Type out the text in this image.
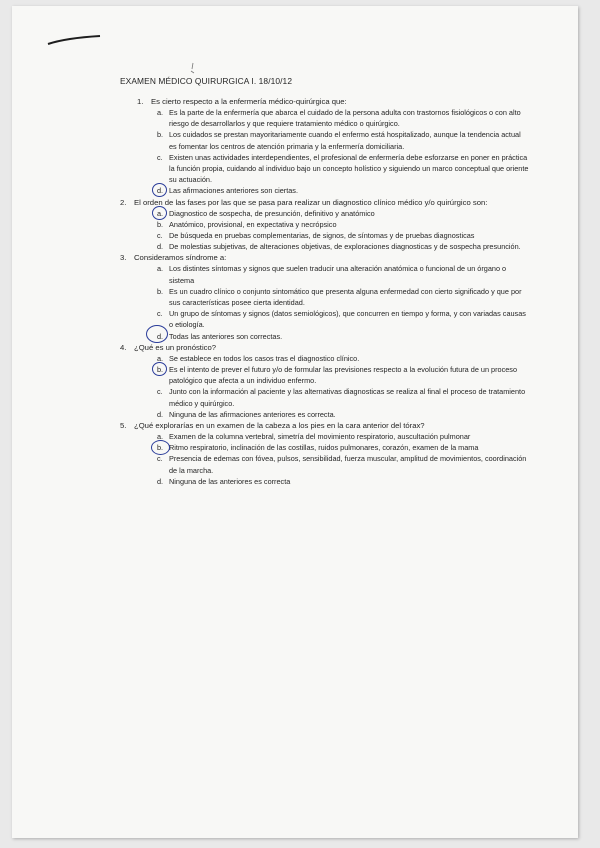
EXAMEN MÉDICO QUIRURGICA I. 18/10/12
1. Es cierto respecto a la enfermería médico-quirúrgica que:
a. Es la parte de la enfermería que abarca el cuidado de la persona adulta con trastornos fisiológicos o con alto riesgo de desarrollarlos y que requiere tratamiento médico o quirúrgico.
b. Los cuidados se prestan mayoritariamente cuando el enfermo está hospitalizado, aunque la tendencia actual es fomentar los centros de atención primaria y la enfermería domiciliaria.
c. Existen unas actividades interdependientes, el profesional de enfermería debe esforzarse en poner en práctica la función propia, cuidando al individuo bajo un concepto holístico y siguiendo un marco conceptual que oriente su actuación.
d. Las afirmaciones anteriores son ciertas.
2. El orden de las fases por las que se pasa para realizar un diagnostico clínico médico y/o quirúrgico son:
a. Diagnostico de sospecha, de presunción, definitivo y anatómico
b. Anatómico, provisional, en expectativa y necrópsico
c. De búsqueda en pruebas complementarias, de signos, de síntomas y de pruebas diagnosticas
d. De molestias subjetivas, de alteraciones objetivas, de exploraciones diagnosticas y de sospecha presunción.
3. Consideramos síndrome a:
a. Los distintes síntomas y signos que suelen traducir una alteración anatómica o funcional de un órgano o sistema
b. Es un cuadro clínico o conjunto sintomático que presenta alguna enfermedad con cierto significado y que por sus características posee cierta identidad.
c. Un grupo de síntomas y signos (datos semiológicos), que concurren en tiempo y forma, y con variadas causas o etiología.
d. Todas las anteriores son correctas.
4. ¿Qué es un pronóstico?
a. Se establece en todos los casos tras el diagnostico clínico.
b. Es el intento de prever el futuro y/o de formular las previsiones respecto a la evolución futura de un proceso patológico que afecta a un individuo enfermo.
c. Junto con la información al paciente y las alternativas diagnosticas se realiza al final el proceso de tratamiento médico y quirúrgico.
d. Ninguna de las afirmaciones anteriores es correcta.
5. ¿Qué explorarías en un examen de la cabeza a los pies en la cara anterior del tórax?
a. Examen de la columna vertebral, simetría del movimiento respiratorio, auscultación pulmonar
b. Ritmo respiratorio, inclinación de las costillas, ruidos pulmonares, corazón, examen de la mama
c. Presencia de edemas con fóvea, pulsos, sensibilidad, fuerza muscular, amplitud de movimientos, coordinación de la marcha.
d. Ninguna de las anteriores es correcta
